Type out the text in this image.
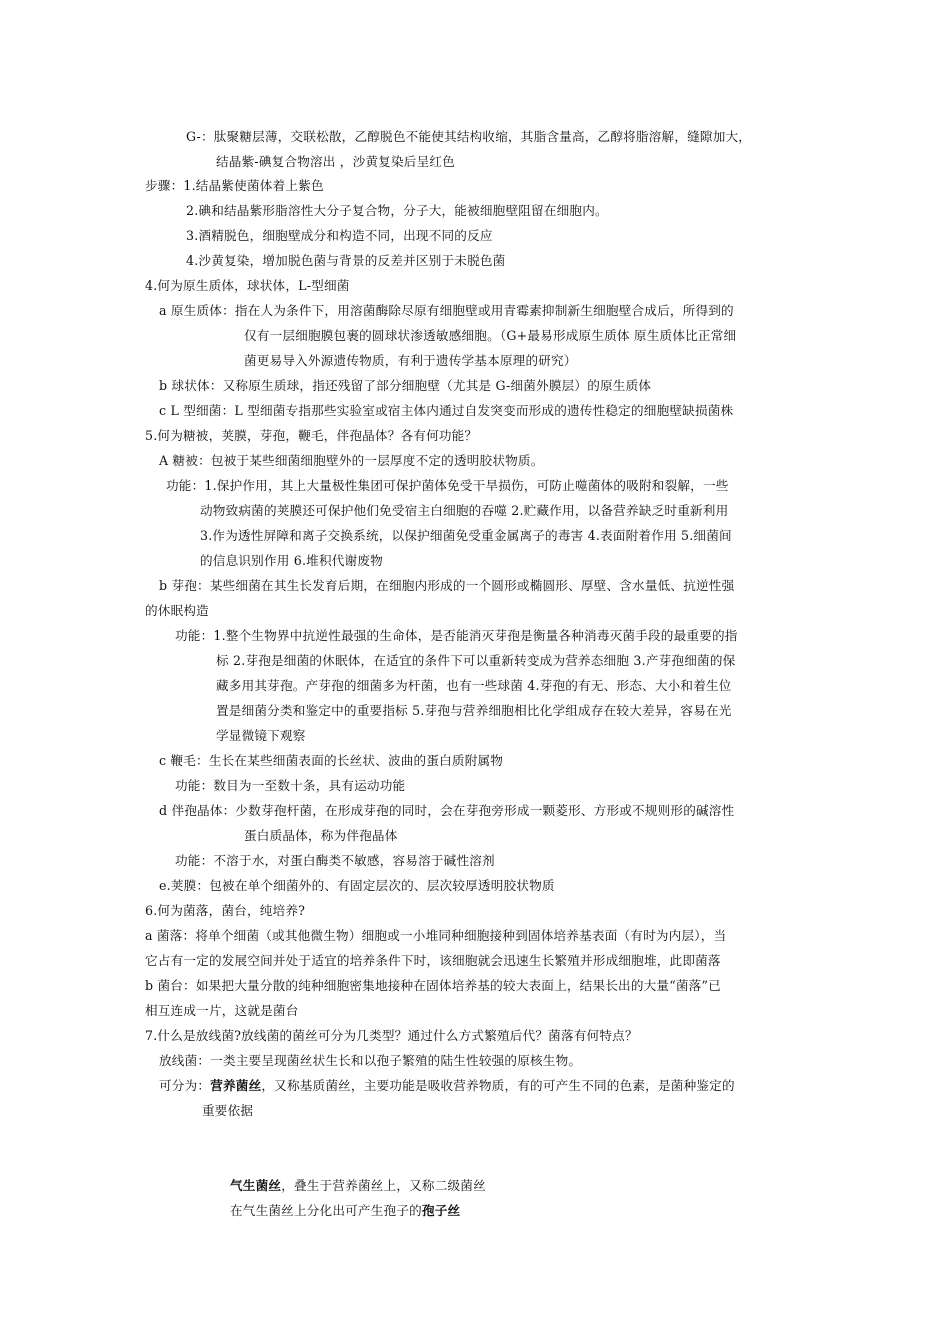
G-：肽聚糖层薄，交联松散，乙醇脱色不能使其结构收缩，其脂含量高，乙醇将脂溶解，缝隙加大，
结晶紫-碘复合物溶出 ，沙黄复染后呈红色
步骤：1.结晶紫使菌体着上紫色
2.碘和结晶紫形脂溶性大分子复合物，分子大，能被细胞壁阻留在细胞内。
3.酒精脱色，细胞壁成分和构造不同，出现不同的反应
4.沙黄复染，增加脱色菌与背景的反差并区别于未脱色菌
4.何为原生质体，球状体，L-型细菌
a 原生质体：指在人为条件下，用溶菌酶除尽原有细胞壁或用青霉素抑制新生细胞壁合成后，所得到的
仅有一层细胞膜包裹的圆球状渗透敏感细胞。（G+最易形成原生质体 原生质体比正常细
菌更易导入外源遗传物质，有利于遗传学基本原理的研究）
b 球状体：又称原生质球，指还残留了部分细胞壁（尤其是 G-细菌外膜层）的原生质体
c L 型细菌：L 型细菌专指那些实验室或宿主体内通过自发突变而形成的遗传性稳定的细胞壁缺损菌株
5.何为糖被，荚膜，芽孢，鞭毛，伴孢晶体？各有何功能？
A 糖被：包被于某些细菌细胞壁外的一层厚度不定的透明胶状物质。
功能：1.保护作用，其上大量极性集团可保护菌体免受干旱损伤，可防止噬菌体的吸附和裂解，一些
动物致病菌的荚膜还可保护他们免受宿主白细胞的吞噬 2.贮藏作用，以备营养缺乏时重新利用
3.作为透性屏障和离子交换系统，以保护细菌免受重金属离子的毒害 4.表面附着作用 5.细菌间
的信息识别作用 6.堆积代谢废物
b 芽孢：某些细菌在其生长发育后期，在细胞内形成的一个圆形或椭圆形、厚壁、含水量低、抗逆性强
的休眠构造
功能：1.整个生物界中抗逆性最强的生命体，是否能消灭芽孢是衡量各种消毒灭菌手段的最重要的指
标 2.芽孢是细菌的休眠体，在适宜的条件下可以重新转变成为营养态细胞 3.产芽孢细菌的保
藏多用其芽孢。产芽孢的细菌多为杆菌，也有一些球菌 4.芽孢的有无、形态、大小和着生位
置是细菌分类和鉴定中的重要指标 5.芽孢与营养细胞相比化学组成存在较大差异，容易在光
学显微镜下观察
c 鞭毛：生长在某些细菌表面的长丝状、波曲的蛋白质附属物
功能：数目为一至数十条，具有运动功能
d 伴孢晶体：少数芽孢杆菌，在形成芽孢的同时，会在芽孢旁形成一颗菱形、方形或不规则形的碱溶性
蛋白质晶体，称为伴孢晶体
功能：不溶于水，对蛋白酶类不敏感，容易溶于碱性溶剂
e.荚膜：包被在单个细菌外的、有固定层次的、层次较厚透明胶状物质
6.何为菌落，菌台，纯培养?
a 菌落：将单个细菌（或其他微生物）细胞或一小堆同种细胞接种到固体培养基表面（有时为内层），当
它占有一定的发展空间并处于适宜的培养条件下时，该细胞就会迅速生长繁殖并形成细胞堆，此即菌落
b 菌台：如果把大量分散的纯种细胞密集地接种在固体培养基的较大表面上，结果长出的大量“菌落”已
相互连成一片，这就是菌台
7.什么是放线菌?放线菌的菌丝可分为几类型？通过什么方式繁殖后代？菌落有何特点？
放线菌：一类主要呈现菌丝状生长和以孢子繁殖的陆生性较强的原核生物。
可分为：营养菌丝，又称基质菌丝，主要功能是吸收营养物质，有的可产生不同的色素，是菌种鉴定的
重要依据
气生菌丝，叠生于营养菌丝上，又称二级菌丝
在气生菌丝上分化出可产生孢子的孢子丝
